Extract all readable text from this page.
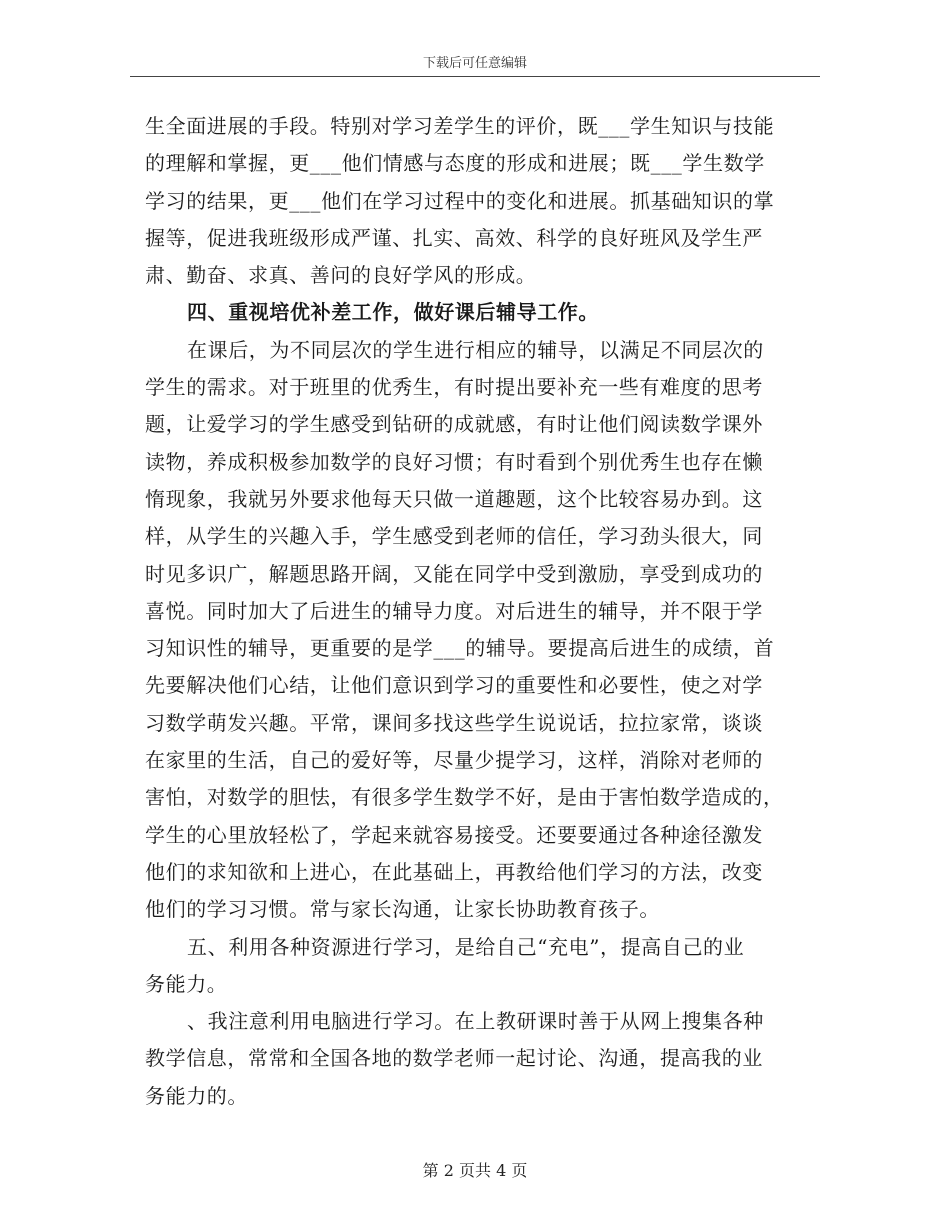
下载后可任意编辑
生全面进展的手段。特别对学习差学生的评价，既___学生知识与技能
的理解和掌握，更___他们情感与态度的形成和进展；既___学生数学
学习的结果，更___他们在学习过程中的变化和进展。抓基础知识的掌
握等，促进我班级形成严谨、扎实、高效、科学的良好班风及学生严
肃、勤奋、求真、善问的良好学风的形成。
四、重视培优补差工作，做好课后辅导工作。
在课后，为不同层次的学生进行相应的辅导，以满足不同层次的
学生的需求。对于班里的优秀生，有时提出要补充一些有难度的思考
题，让爱学习的学生感受到钻研的成就感，有时让他们阅读数学课外
读物，养成积极参加数学的良好习惯；有时看到个别优秀生也存在懒
惰现象，我就另外要求他每天只做一道趣题，这个比较容易办到。这
样，从学生的兴趣入手，学生感受到老师的信任，学习劲头很大，同
时见多识广，解题思路开阔，又能在同学中受到激励，享受到成功的
喜悦。同时加大了后进生的辅导力度。对后进生的辅导，并不限于学
习知识性的辅导，更重要的是学___的辅导。要提高后进生的成绩，首
先要解决他们心结，让他们意识到学习的重要性和必要性，使之对学
习数学萌发兴趣。平常，课间多找这些学生说说话，拉拉家常，谈谈
在家里的生活，自己的爱好等，尽量少提学习，这样，消除对老师的
害怕，对数学的胆怯，有很多学生数学不好，是由于害怕数学造成的，
学生的心里放轻松了，学起来就容易接受。还要要通过各种途径激发
他们的求知欲和上进心，在此基础上，再教给他们学习的方法，改变
他们的学习习惯。常与家长沟通，让家长协助教育孩子。
五、利用各种资源进行学习，是给自己“充电”，提高自己的业
务能力。
、我注意利用电脑进行学习。在上教研课时善于从网上搜集各种
教学信息，常常和全国各地的数学老师一起讨论、沟通，提高我的业
务能力的。
第 2 页共 4 页
